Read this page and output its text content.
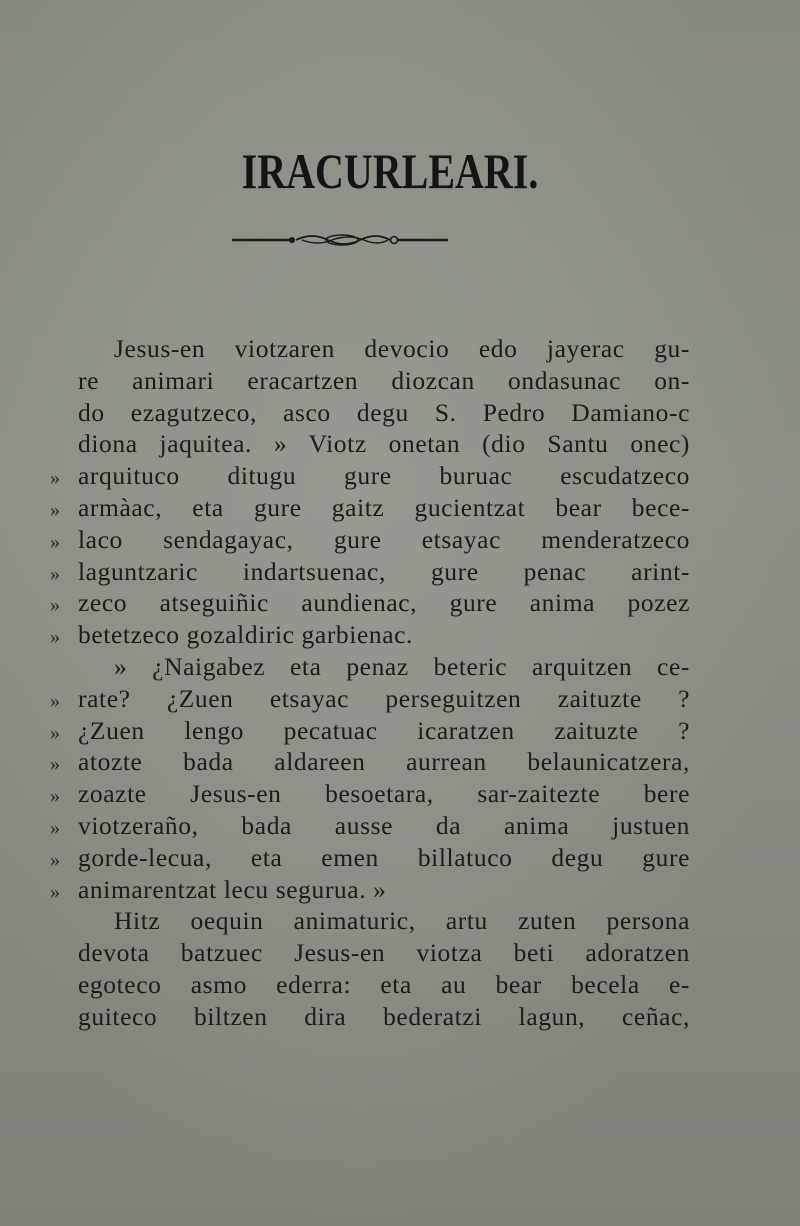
IRACURLEARI.
Jesus-en viotzaren devocio edo jayerac gu-
re animari eracartzen diozcan ondasunac on-
do ezagutzeco, asco degu S. Pedro Damiano-c
diona jaquitea. » Viotz onetan (dio Santu onec)
» arquituco ditugu gure buruac escudatzeco
» armàac, eta gure gaitz gucientzat bear bece-
» laco sendagayac, gure etsayac menderatzeco
» laguntzaric indartsuenac, gure penac arint-
» zeco atseguiñic aundienac, gure anima pozez
» betetzeco gozaldiric garbienac.
» ¿Naigabez eta penaz beteric arquitzen ce-
» rate? ¿Zuen etsayac perseguitzen zaituzte ?
» ¿Zuen lengo pecatuac icaratzen zaituzte ?
» atozte bada aldareen aurrean belaunicatzera,
» zoazte Jesus-en besoetara, sar-zaitezte bere
» viotzeraño, bada ausse da anima justuen
» gorde-lecua, eta emen billatuco degu gure
» animarentzat lecu segurua. »
Hitz oequin animaturic, artu zuten persona
devota batzuec Jesus-en viotza beti adoratzen
egoteco asmo ederra: eta au bear becela e-
guiteco biltzen dira bederatzi lagun, ceñac,
